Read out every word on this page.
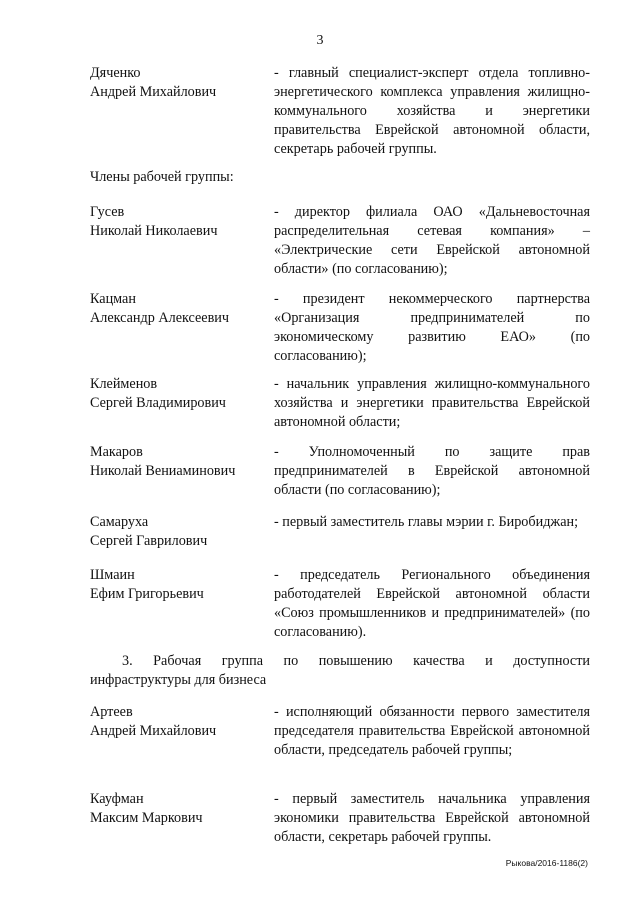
3
Дяченко
Андрей Михайлович
- главный специалист-эксперт отдела топливно-энергетического комплекса управления жилищно-коммунального хозяйства и энергетики правительства Еврейской автономной области, секретарь рабочей группы.
Члены рабочей группы:
Гусев
Николай Николаевич
- директор филиала ОАО «Дальневосточная распределительная сетевая компания» – «Электрические сети Еврейской автономной области» (по согласованию);
Кацман
Александр Алексеевич
- президент некоммерческого партнерства «Организация предпринимателей по экономическому развитию ЕАО» (по согласованию);
Клейменов
Сергей Владимирович
- начальник управления жилищно-коммунального хозяйства и энергетики правительства Еврейской автономной области;
Макаров
Николай Вениаминович
- Уполномоченный по защите прав предпринимателей в Еврейской автономной области (по согласованию);
Самаруха
Сергей Гаврилович
- первый заместитель главы мэрии г. Биробиджан;
Шмаин
Ефим Григорьевич
- председатель Регионального объединения работодателей Еврейской автономной области «Союз промышленников и предпринимателей» (по согласованию).
3. Рабочая группа по повышению качества и доступности
инфраструктуры для бизнеса
Артеев
Андрей Михайлович
- исполняющий обязанности первого заместителя председателя правительства Еврейской автономной области, председатель рабочей группы;
Кауфман
Максим Маркович
- первый заместитель начальника управления экономики правительства Еврейской автономной области, секретарь рабочей группы.
Рыкова/2016-1186(2)
